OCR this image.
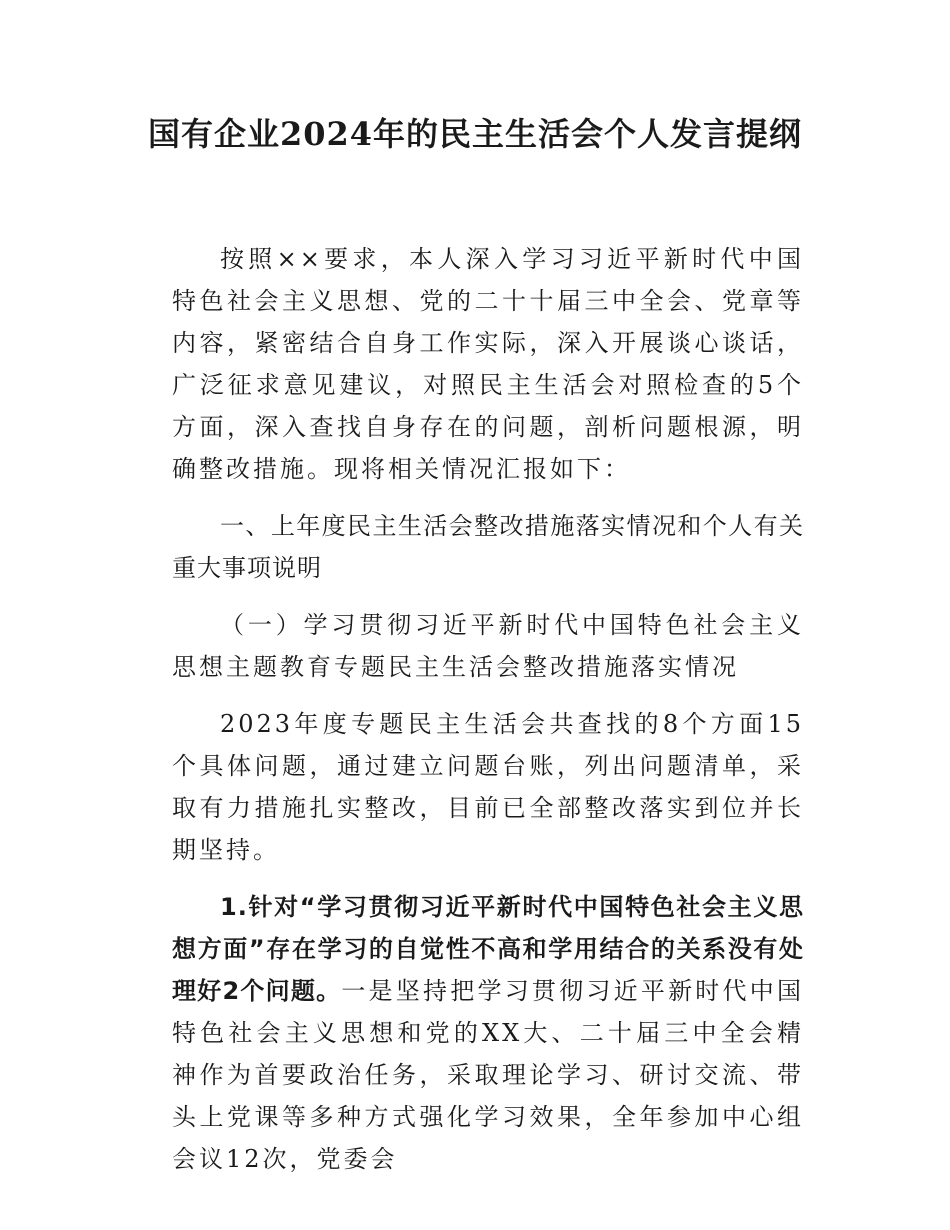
国有企业2024年的民主生活会个人发言提纲

按照××要求，本人深入学习习近平新时代中国特色社会主义思想、党的二十十届三中全会、党章等内容，紧密结合自身工作实际，深入开展谈心谈话，广泛征求意见建议，对照民主生活会对照检查的5个方面，深入查找自身存在的问题，剖析问题根源，明确整改措施。现将相关情况汇报如下：

一、上年度民主生活会整改措施落实情况和个人有关重大事项说明

（一）学习贯彻习近平新时代中国特色社会主义思想主题教育专题民主生活会整改措施落实情况

2023年度专题民主生活会共查找的8个方面15个具体问题，通过建立问题台账，列出问题清单，采取有力措施扎实整改，目前已全部整改落实到位并长期坚持。

1.针对“学习贯彻习近平新时代中国特色社会主义思想方面”存在学习的自觉性不高和学用结合的关系没有处理好2个问题。一是坚持把学习贯彻习近平新时代中国特色社会主义思想和党的XX大、二十届三中全会精神作为首要政治任务，采取理论学习、研讨交流、带头上党课等多种方式强化学习效果，全年参加中心组会议12次，党委会
